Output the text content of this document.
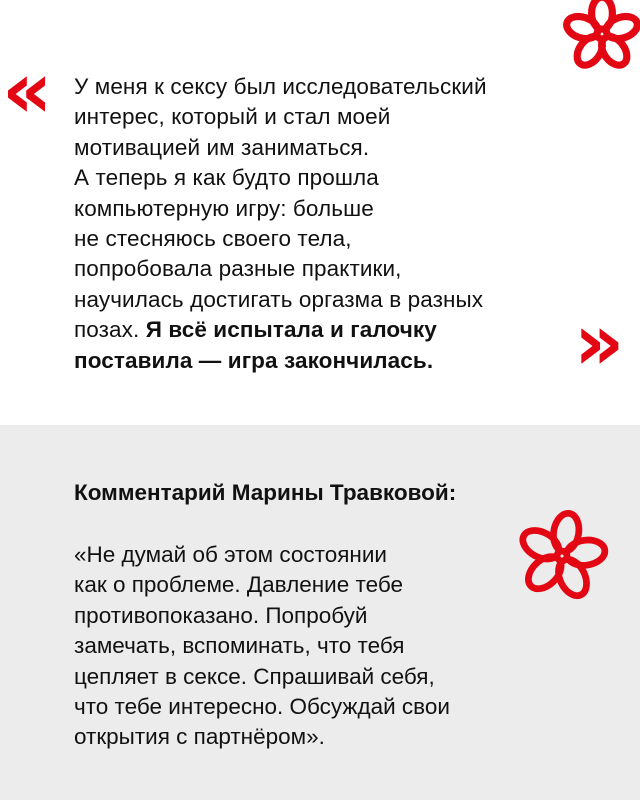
«
»
У меня к сексу был исследовательский
интерес, который и стал моей
мотивацией им заниматься.
А теперь я как будто прошла
компьютерную игру: больше
не стесняюсь своего тела,
попробовала разные практики,
научилась достигать оргазма в разных
позах. Я всё испытала и галочку
поставила — игра закончилась.
Комментарий Марины Травковой:
«Не думай об этом состоянии
как о проблеме. Давление тебе
противопоказано. Попробуй
замечать, вспоминать, что тебя
цепляет в сексе. Спрашивай себя,
что тебе интересно. Обсуждай свои
открытия с партнёром».
